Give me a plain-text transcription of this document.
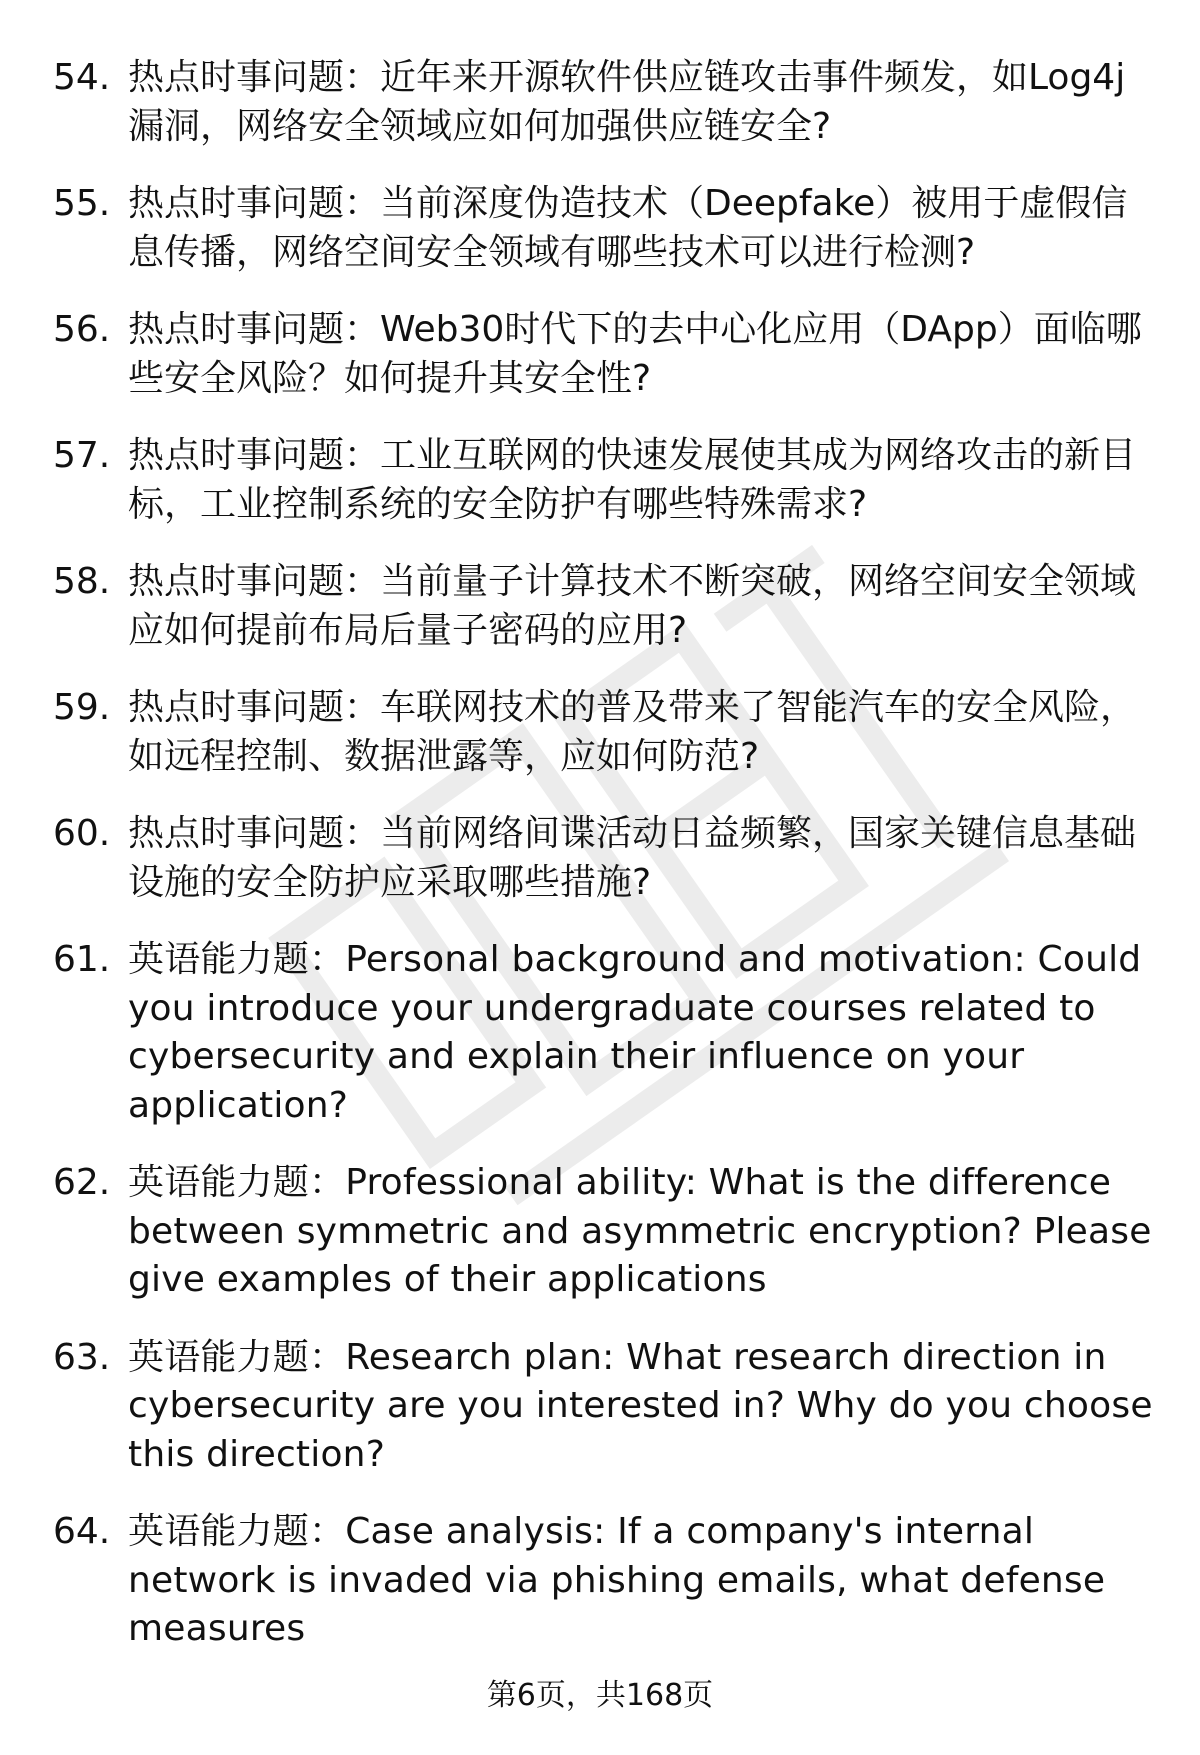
54. 热点时事问题：近年来开源软件供应链攻击事件频发，如Log4j漏洞，网络安全领域应如何加强供应链安全?
55. 热点时事问题：当前深度伪造技术（Deepfake）被用于虚假信息传播，网络空间安全领域有哪些技术可以进行检测?
56. 热点时事问题：Web30时代下的去中心化应用（DApp）面临哪些安全风险？如何提升其安全性?
57. 热点时事问题：工业互联网的快速发展使其成为网络攻击的新目标，工业控制系统的安全防护有哪些特殊需求?
58. 热点时事问题：当前量子计算技术不断突破，网络空间安全领域应如何提前布局后量子密码的应用?
59. 热点时事问题：车联网技术的普及带来了智能汽车的安全风险，如远程控制、数据泄露等，应如何防范?
60. 热点时事问题：当前网络间谍活动日益频繁，国家关键信息基础设施的安全防护应采取哪些措施?
61. 英语能力题：Personal background and motivation: Could you introduce your undergraduate courses related to cybersecurity and explain their influence on your application?
62. 英语能力题：Professional ability: What is the difference between symmetric and asymmetric encryption? Please give examples of their applications
63. 英语能力题：Research plan: What research direction in cybersecurity are you interested in? Why do you choose this direction?
64. 英语能力题：Case analysis: If a company's internal network is invaded via phishing emails, what defense measures
第6页，共168页
